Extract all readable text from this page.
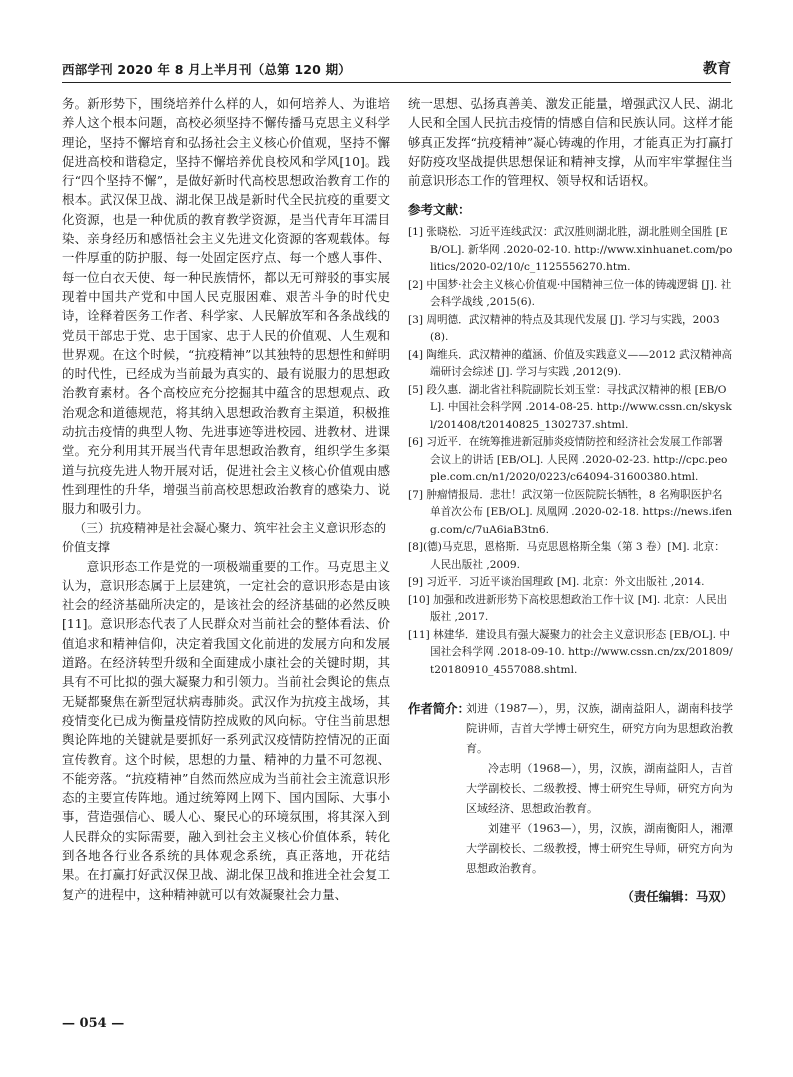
西部学刊 2020 年 8 月上半月刊（总第 120 期）	教育

务。新形势下，围绕培养什么样的人，如何培养人、为谁培养人这个根本问题，高校必须坚持不懈传播马克思主义科学理论，坚持不懈培育和弘扬社会主义核心价值观，坚持不懈促进高校和谐稳定，坚持不懈培养优良校风和学风[10]。践行“四个坚持不懈”，是做好新时代高校思想政治教育工作的根本。武汉保卫战、湖北保卫战是新时代全民抗疫的重要文化资源，也是一种优质的教育教学资源，是当代青年耳濡目染、亲身经历和感悟社会主义先进文化资源的客观载体。每一件厚重的防护服、每一处固定医疗点、每一个感人事件、每一位白衣天使、每一种民族情怀，都以无可辩驳的事实展现着中国共产党和中国人民克服困难、艰苦斗争的时代史诗，诠释着医务工作者、科学家、人民解放军和各条战线的党员干部忠于党、忠于国家、忠于人民的价值观、人生观和世界观。在这个时候，“抗疫精神”以其独特的思想性和鲜明的时代性，已经成为当前最为真实的、最有说服力的思想政治教育素材。各个高校应充分挖掘其中蕴含的思想观点、政治观念和道德规范，将其纳入思想政治教育主渠道，积极推动抗击疫情的典型人物、先进事迹等进校园、进教材、进课堂。充分利用其开展当代青年思想政治教育，组织学生多渠道与抗疫先进人物开展对话，促进社会主义核心价值观由感性到理性的升华，增强当前高校思想政治教育的感染力、说服力和吸引力。

（三）抗疫精神是社会凝心聚力、筑牢社会主义意识形态的价值支撑

意识形态工作是党的一项极端重要的工作。马克思主义认为，意识形态属于上层建筑，一定社会的意识形态是由该社会的经济基础所决定的，是该社会的经济基础的必然反映[11]。意识形态代表了人民群众对当前社会的整体看法、价值追求和精神信仰，决定着我国文化前进的发展方向和发展道路。在经济转型升级和全面建成小康社会的关键时期，其具有不可比拟的强大凝聚力和引领力。当前社会舆论的焦点无疑都聚焦在新型冠状病毒肺炎。武汉作为抗疫主战场，其疫情变化已成为衡量疫情防控成败的风向标。守住当前思想舆论阵地的关键就是要抓好一系列武汉疫情防控情况的正面宣传教育。这个时候，思想的力量、精神的力量不可忽视、不能旁落。“抗疫精神”自然而然应成为当前社会主流意识形态的主要宣传阵地。通过统筹网上网下、国内国际、大事小事，营造强信心、暖人心、聚民心的环境氛围，将其深入到人民群众的实际需要，融入到社会主义核心价值体系，转化到各地各行业各系统的具体观念系统，真正落地，开花结果。在打赢打好武汉保卫战、湖北保卫战和推进全社会复工复产的进程中，这种精神就可以有效凝聚社会力量、

统一思想、弘扬真善美、激发正能量，增强武汉人民、湖北人民和全国人民抗击疫情的情感自信和民族认同。这样才能够真正发挥“抗疫精神”凝心铸魂的作用，才能真正为打赢打好防疫攻坚战提供思想保证和精神支撑，从而牢牢掌握住当前意识形态工作的管理权、领导权和话语权。

参考文献：

[1] 张晓松．习近平连线武汉：武汉胜则湖北胜，湖北胜则全国胜 [EB/OL]. 新华网 .2020-02-10. http://www.xinhuanet.com/politics/2020-02/10/c_1125556270.htm.

[2] 中国梦·社会主义核心价值观·中国精神三位一体的铸魂逻辑 [J]. 社会科学战线 ,2015(6).

[3] 周明德．武汉精神的特点及其现代发展 [J]. 学习与实践，2003(8).

[4] 陶维兵．武汉精神的蕴涵、价值及实践意义——2012 武汉精神高端研讨会综述 [J]. 学习与实践 ,2012(9).

[5] 段久惠．湖北省社科院副院长刘玉堂：寻找武汉精神的根 [EB/OL]. 中国社会科学网 .2014-08-25. http://www.cssn.cn/skyskl/201408/t20140825_1302737.shtml.

[6] 习近平．在统筹推进新冠肺炎疫情防控和经济社会发展工作部署会议上的讲话 [EB/OL]. 人民网 .2020-02-23. http://cpc.people.com.cn/n1/2020/0223/c64094-31600380.html.

[7] 肿瘤情报局．悲壮！武汉第一位医院院长牺牲，8 名殉职医护名单首次公布 [EB/OL]. 凤凰网 .2020-02-18. https://news.ifeng.com/c/7uA6iaB3tn6.

[8](德)马克思，恩格斯．马克思恩格斯全集（第 3 卷）[M]. 北京：人民出版社 ,2009.

[9] 习近平．习近平谈治国理政 [M]. 北京：外文出版社 ,2014.

[10] 加强和改进新形势下高校思想政治工作十议 [M]. 北京：人民出版社 ,2017.

[11] 林建华．建设具有强大凝聚力的社会主义意识形态 [EB/OL]. 中国社会科学网 .2018-09-10. http://www.cssn.cn/zx/201809/t20180910_4557088.shtml.

作者简介：
刘进（1987—），男，汉族，湖南益阳人，湖南科技学院讲师，吉首大学博士研究生，研究方向为思想政治教育。
冷志明（1968—），男，汉族，湖南益阳人，吉首大学副校长、二级教授、博士研究生导师，研究方向为区域经济、思想政治教育。
刘建平（1963—），男，汉族，湖南衡阳人，湘潭大学副校长、二级教授，博士研究生导师，研究方向为思想政治教育。
（责任编辑：马双）
— 054 —
